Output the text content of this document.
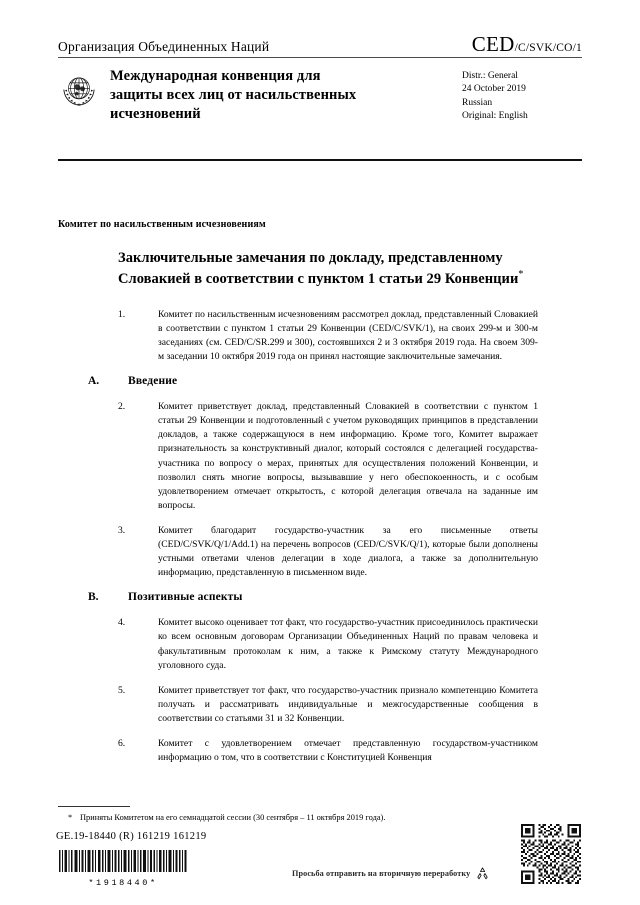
Организация Объединенных Наций	CED/C/SVK/CO/1
Международная конвенция для защиты всех лиц от насильственных исчезновений
Distr.: General
24 October 2019
Russian
Original: English
Комитет по насильственным исчезновениям
Заключительные замечания по докладу, представленному Словакией в соответствии с пунктом 1 статьи 29 Конвенции*
1.	Комитет по насильственным исчезновениям рассмотрел доклад, представленный Словакией в соответствии с пунктом 1 статьи 29 Конвенции (CED/C/SVK/1), на своих 299-м и 300-м заседаниях (см. CED/C/SR.299 и 300), состоявшихся 2 и 3 октября 2019 года. На своем 309-м заседании 10 октября 2019 года он принял настоящие заключительные замечания.
A.	Введение
2.	Комитет приветствует доклад, представленный Словакией в соответствии с пунктом 1 статьи 29 Конвенции и подготовленный с учетом руководящих принципов в представлении докладов, а также содержащуюся в нем информацию. Кроме того, Комитет выражает признательность за конструктивный диалог, который состоялся с делегацией государства-участника по вопросу о мерах, принятых для осуществления положений Конвенции, и позволил снять многие вопросы, вызывавшие у него обеспокоенность, и с особым удовлетворением отмечает открытость, с которой делегация отвечала на заданные им вопросы.
3.	Комитет благодарит государство-участник за его письменные ответы (CED/C/SVK/Q/1/Add.1) на перечень вопросов (CED/C/SVK/Q/1), которые были дополнены устными ответами членов делегации в ходе диалога, а также за дополнительную информацию, представленную в письменном виде.
B.	Позитивные аспекты
4.	Комитет высоко оценивает тот факт, что государство-участник присоединилось практически ко всем основным договорам Организации Объединенных Наций по правам человека и факультативным протоколам к ним, а также к Римскому статуту Международного уголовного суда.
5.	Комитет приветствует тот факт, что государство-участник признало компетенцию Комитета получать и рассматривать индивидуальные и межгосударственные сообщения в соответствии со статьями 31 и 32 Конвенции.
6.	Комитет с удовлетворением отмечает представленную государством-участником информацию о том, что в соответствии с Конституцией Конвенция
* Приняты Комитетом на его семнадцатой сессии (30 сентября – 11 октября 2019 года).
GE.19-18440 (R) 161219 161219
*1918440*
Просьба отправить на вторичную переработку
